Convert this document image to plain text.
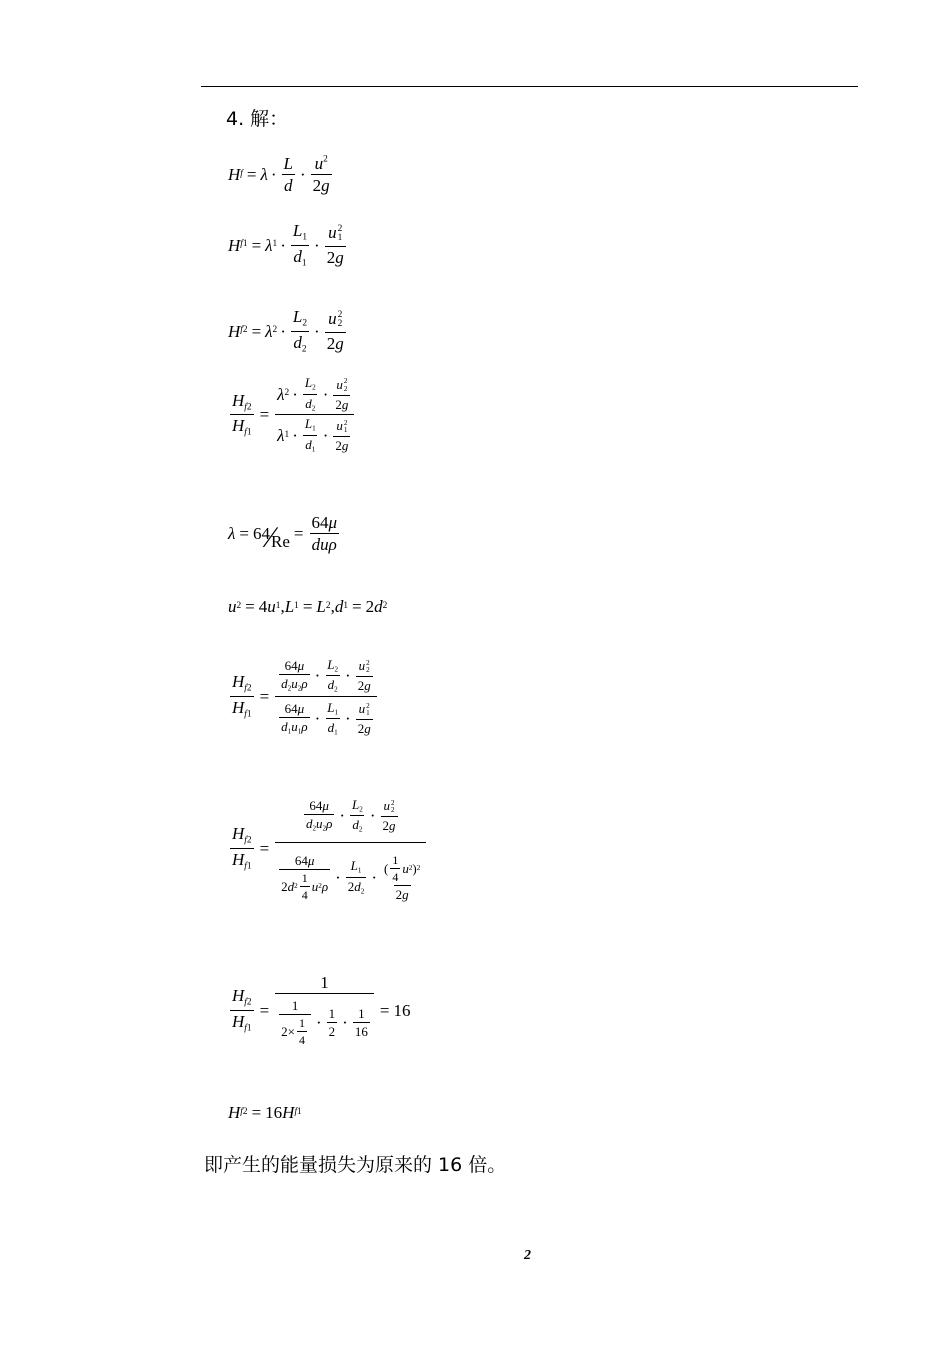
4. 解：
H $f = \lambda \cdot \frac{L}{d} \cdot \frac{u^2}{2g}$
H f1 = λ $1 \cdot \frac{L_1}{d_1} \cdot u$ 2
1
2g
H f2 = λ $2 \cdot \frac{L_2}{d_2} \cdot u$ 2
2
2g
$\frac{H_{f2}}{H_{f1}} = \lambda$ $2 \cdot \frac{L_2}{d_2} \cdot u$ 2
2
2g
λ $1 \cdot \frac{L_1}{d_1} \cdot u$ 2
1
2g
λ = 64
∕
$Re = \frac{64\mu}{\text{duρ}}$
u 2 = 4 u 1 , L 1 = L 2 , d 1 = 2 d 2
$\frac{H_{f2}}{H_{f1}} = \frac{64\mu}{d_2u_2\rho} \cdot \frac{L_2}{d_2} \cdot u$ 2
2
2g
$\frac{64\mu}{d_1u_1\rho} \cdot \frac{L_1}{d_1} \cdot u$ 2
1
2g
$\frac{H_{f2}}{H_{f1}} = \frac{64\mu}{d_2u_2\rho} \cdot \frac{L_2}{d_2} \cdot u$ 2
2
2g
$\frac{64\mu}{2 d 2 \frac{1}{4} u 2 \rho} \cdot \frac{L_1}{2d_2} \cdot \frac{( \frac{1}{4} u 2 ) 2}{2g}$
$\frac{H_{f2}}{H_{f1}} = \frac{1}{\frac{1}{2\times \frac{1}{4}} \cdot \frac{1}{2} \cdot \frac{1}{16}} = 16$
H f2 = 16 H f1
即产生的能量损失为原来的 16 倍。
2
